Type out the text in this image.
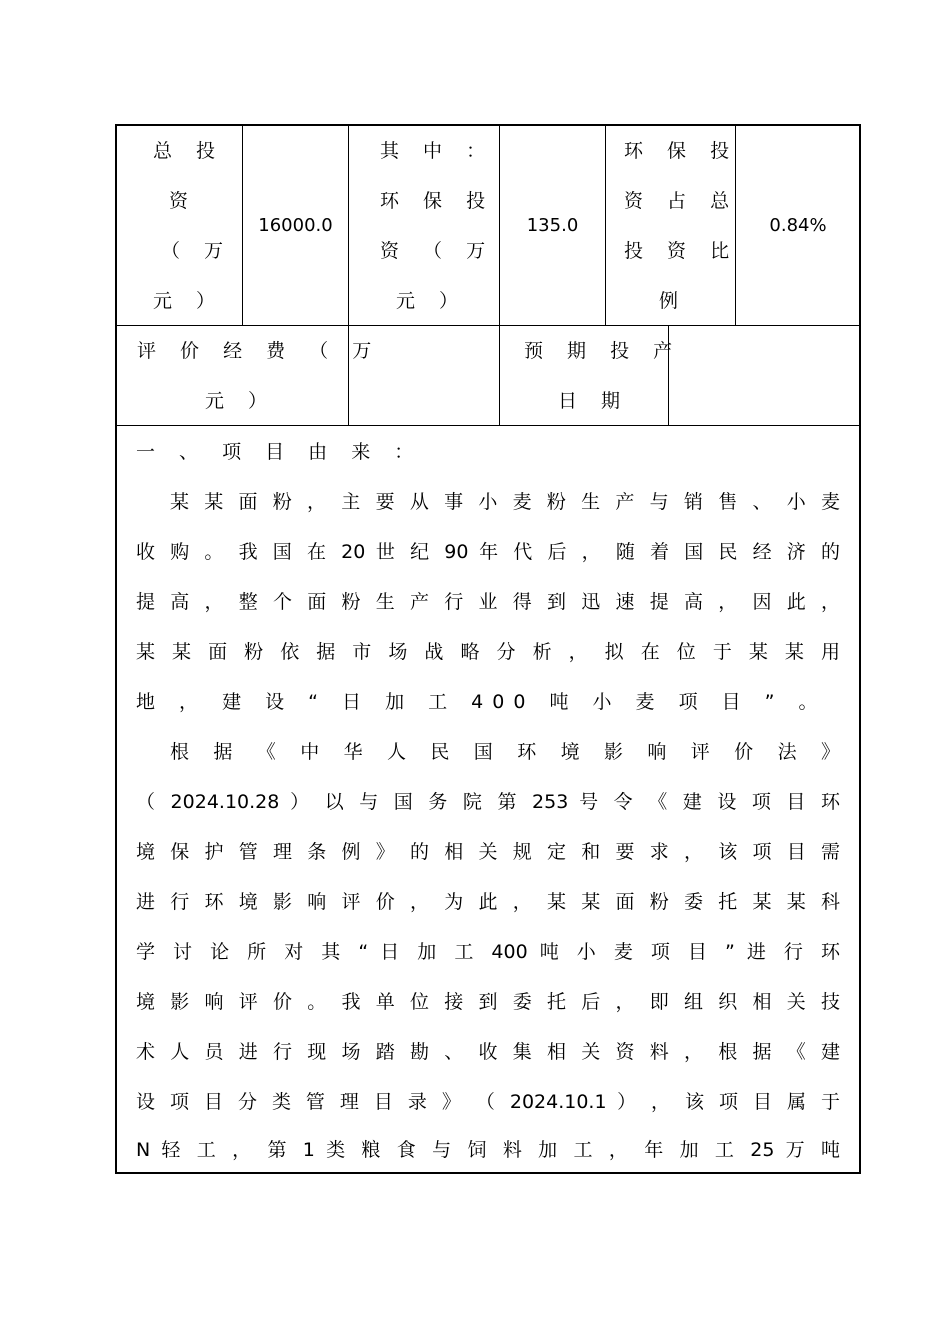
总 投
资
（ 万
元 ）
16000.0
其 中 ：
环 保 投
资 （ 万
元 ）
135.0
环 保 投
资 占 总
投 资 比
例
0.84%
评 价 经 费 （ 万
元 ）
预 期 投 产
日 期
一 、 项 目 由 来 ：
某 某 面 粉 ， 主 要 从 事 小 麦 粉 生 产 与 销 售 、 小 麦
收 购 。 我 国 在 20 世 纪 90 年 代 后 ， 随 着 国 民 经 济 的
提 高 ， 整 个 面 粉 生 产 行 业 得 到 迅 速 提 高 ， 因 此 ，
某 某 面 粉 依 据 市 场 战 略 分 析 ， 拟 在 位 于 某 某 用
地 ， 建 设 “ 日 加 工 400 吨 小 麦 项 目 ” 。
根 据 《 中 华 人 民 国 环 境 影 响 评 价 法 》
（ 2024.10.28 ） 以 与 国 务 院 第 253 号 令 《 建 设 项 目 环
境 保 护 管 理 条 例 》 的 相 关 规 定 和 要 求 ， 该 项 目 需
进 行 环 境 影 响 评 价 ， 为 此 ， 某 某 面 粉 委 托 某 某 科
学 讨 论 所 对 其 “ 日 加 工 400 吨 小 麦 项 目 ” 进 行 环
境 影 响 评 价 。 我 单 位 接 到 委 托 后 ， 即 组 织 相 关 技
术 人 员 进 行 现 场 踏 勘 、 收 集 相 关 资 料 ， 根 据 《 建
设 项 目 分 类 管 理 目 录 》 （ 2024.10.1 ） ， 该 项 目 属 于
N 轻 工 ， 第 1 类 粮 食 与 饲 料 加 工 ， 年 加 工 25 万 吨
